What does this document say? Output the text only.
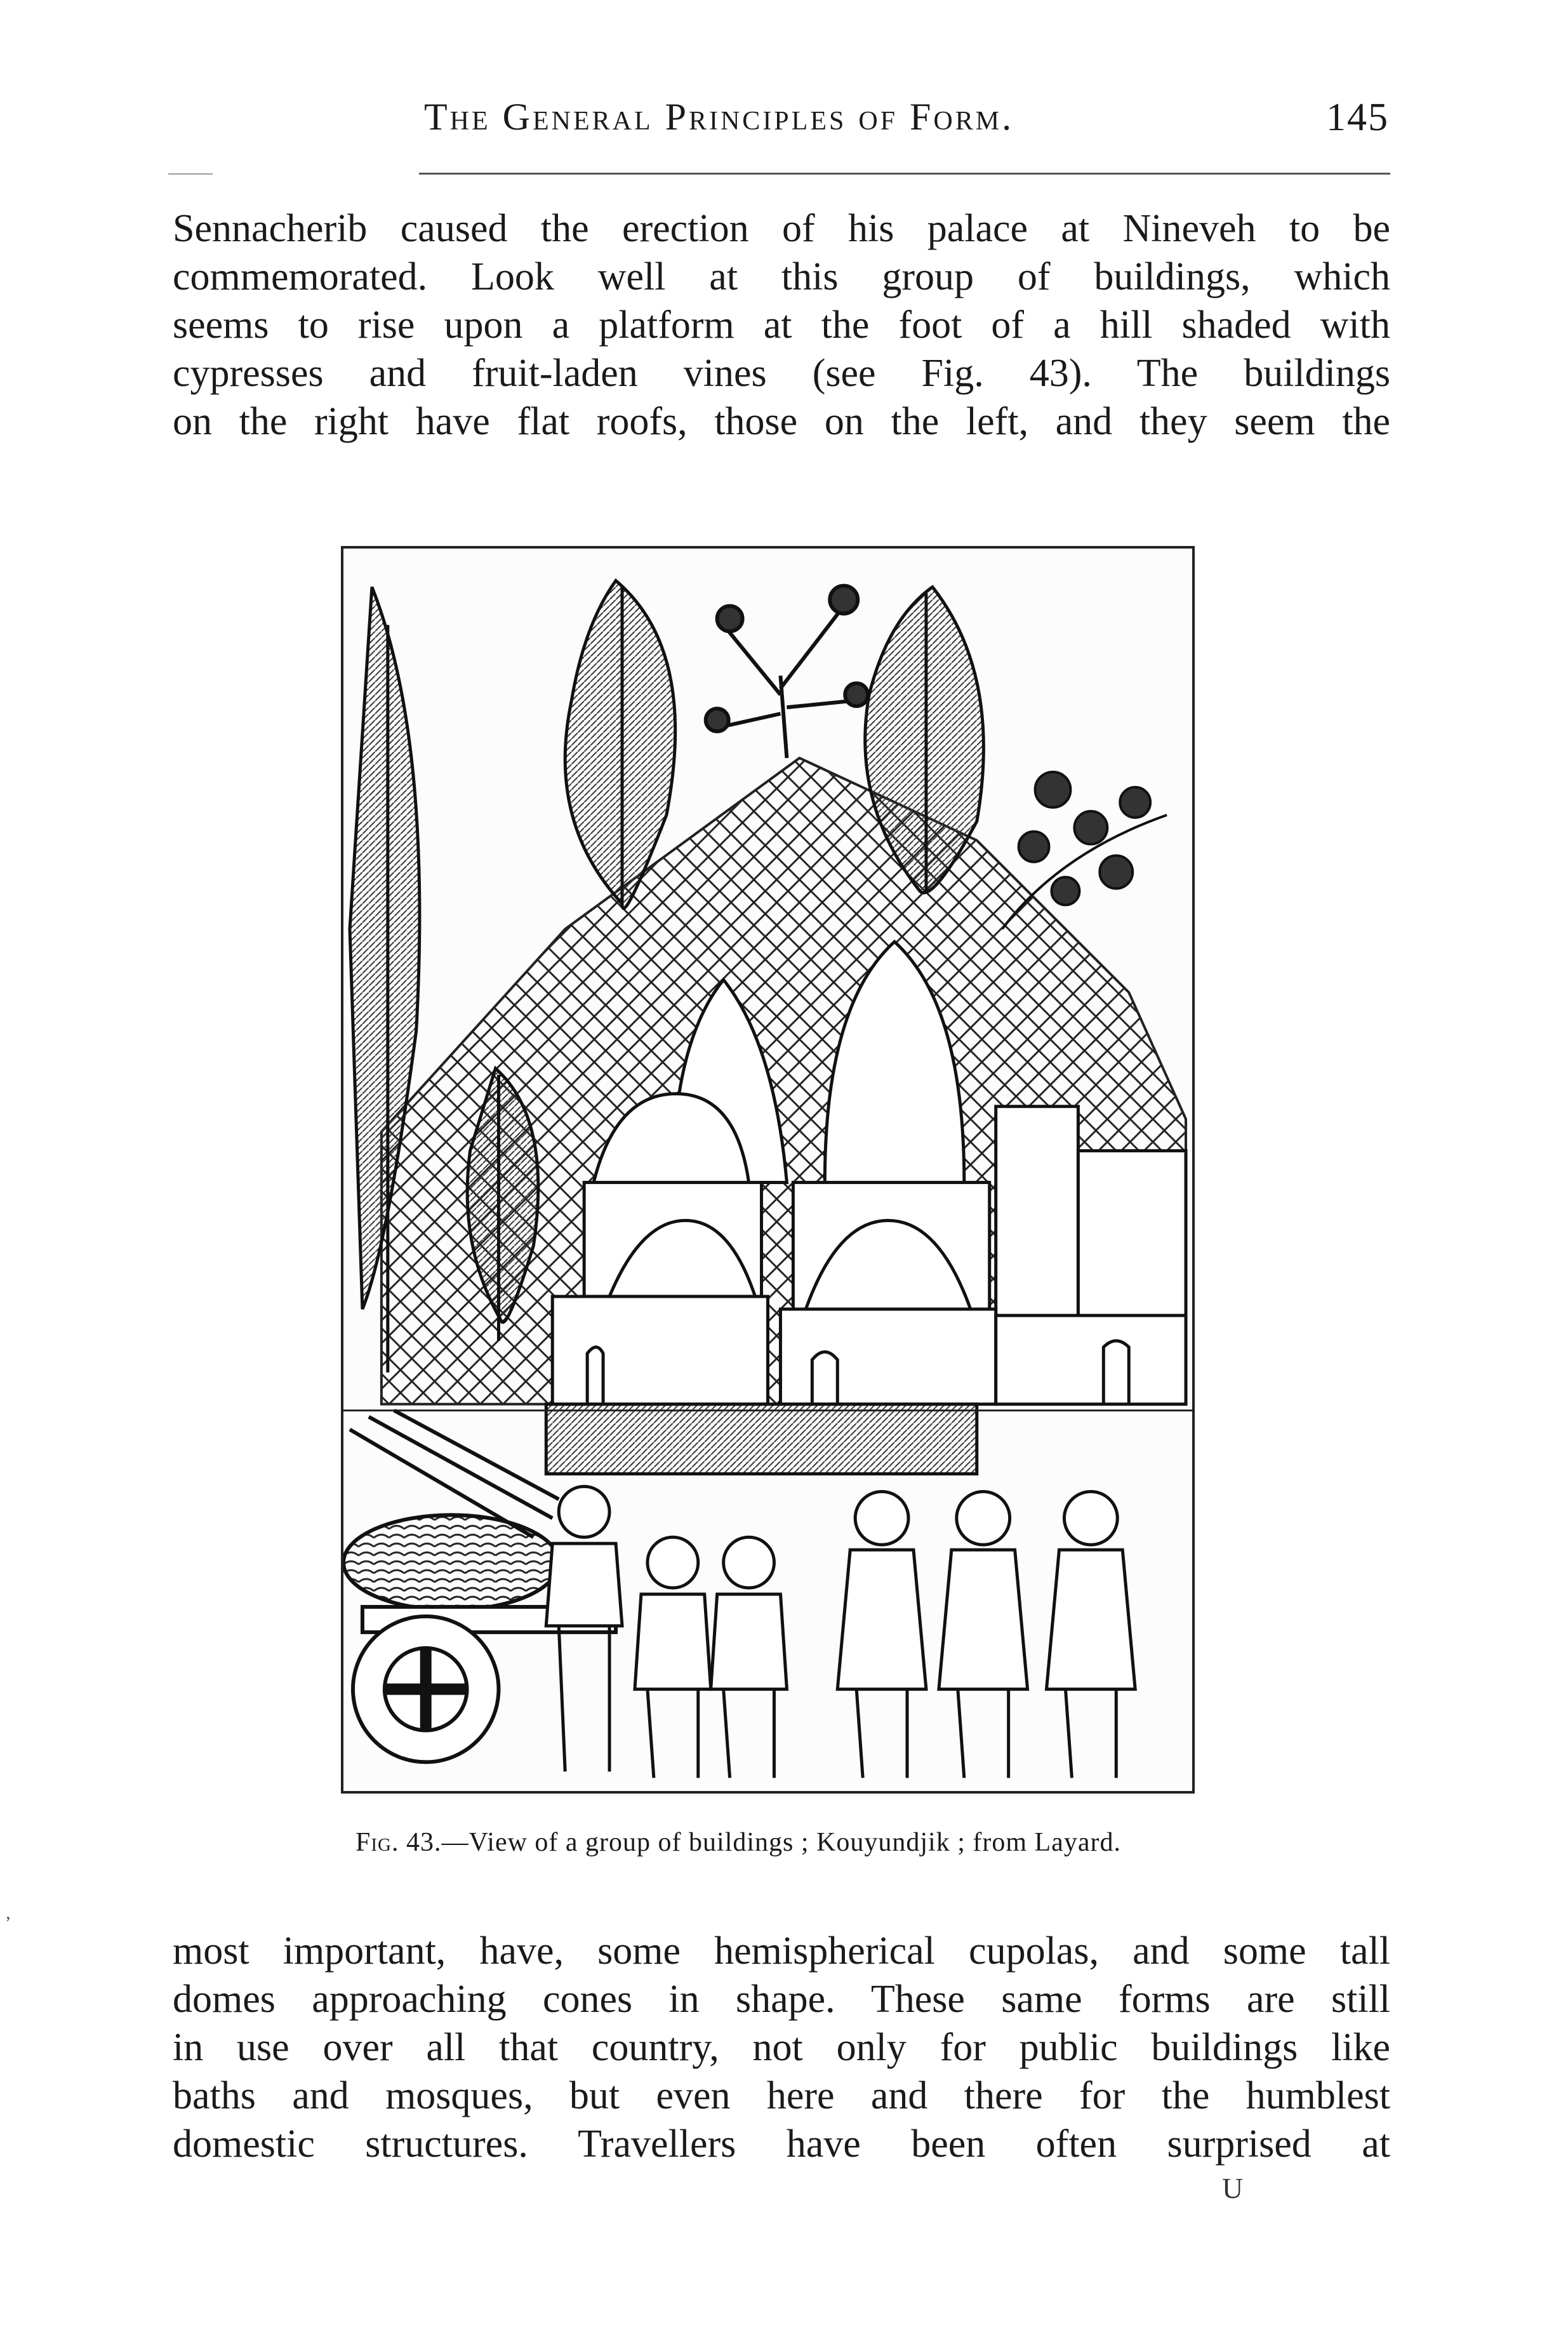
The General Principles of Form.	145
Sennacherib caused the erection of his palace at Nineveh to be
commemorated. Look well at this group of buildings, which
seems to rise upon a platform at the foot of a hill shaded with
cypresses and fruit-laden vines (see Fig. 43). The buildings
on the right have flat roofs, those on the left, and they seem the
Fig. 43.—View of a group of buildings ; Kouyundjik ; from Layard.
most important, have, some hemispherical cupolas, and some tall
domes approaching cones in shape. These same forms are still
in use over all that country, not only for public buildings like
baths and mosques, but even here and there for the humblest
domestic structures. Travellers have been often surprised at
U
‚
